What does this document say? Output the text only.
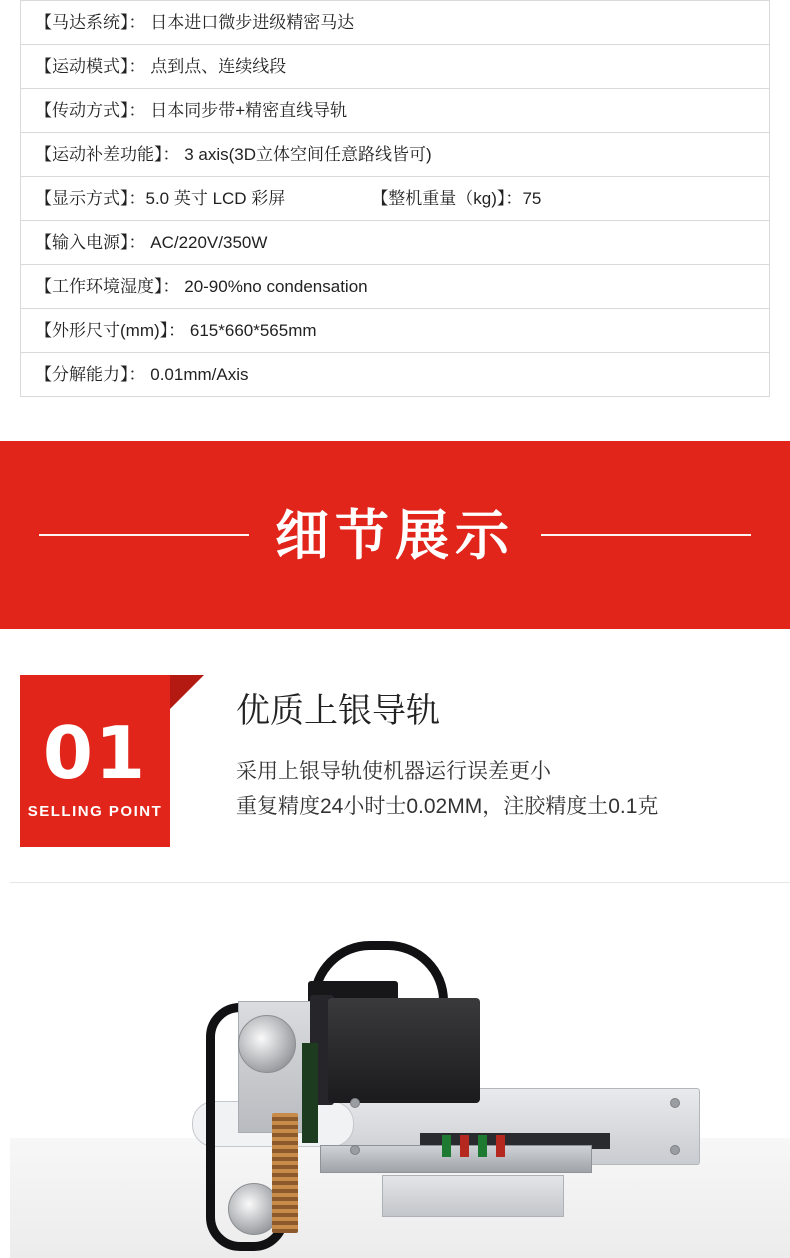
【马达系统】： 日本进口微步进级精密马达
【运动模式】： 点到点、连续线段
【传动方式】： 日本同步带+精密直线导轨
【运动补差功能】： 3 axis(3D立体空间任意路线皆可)

【显示方式】： 5.0 英寸 LCD 彩屏	【整机重量（kg)】： 75

【输入电源】： AC/220V/350W
【工作环境湿度】： 20-90%no condensation
【外形尺寸(mm)】： 615*660*565mm
【分解能力】： 0.01mm/Axis
细节展示
01
SELLING POINT
优质上银导轨
采用上银导轨使机器运行误差更小
重复精度24小时士0.02MM，注胶精度土0.1克
